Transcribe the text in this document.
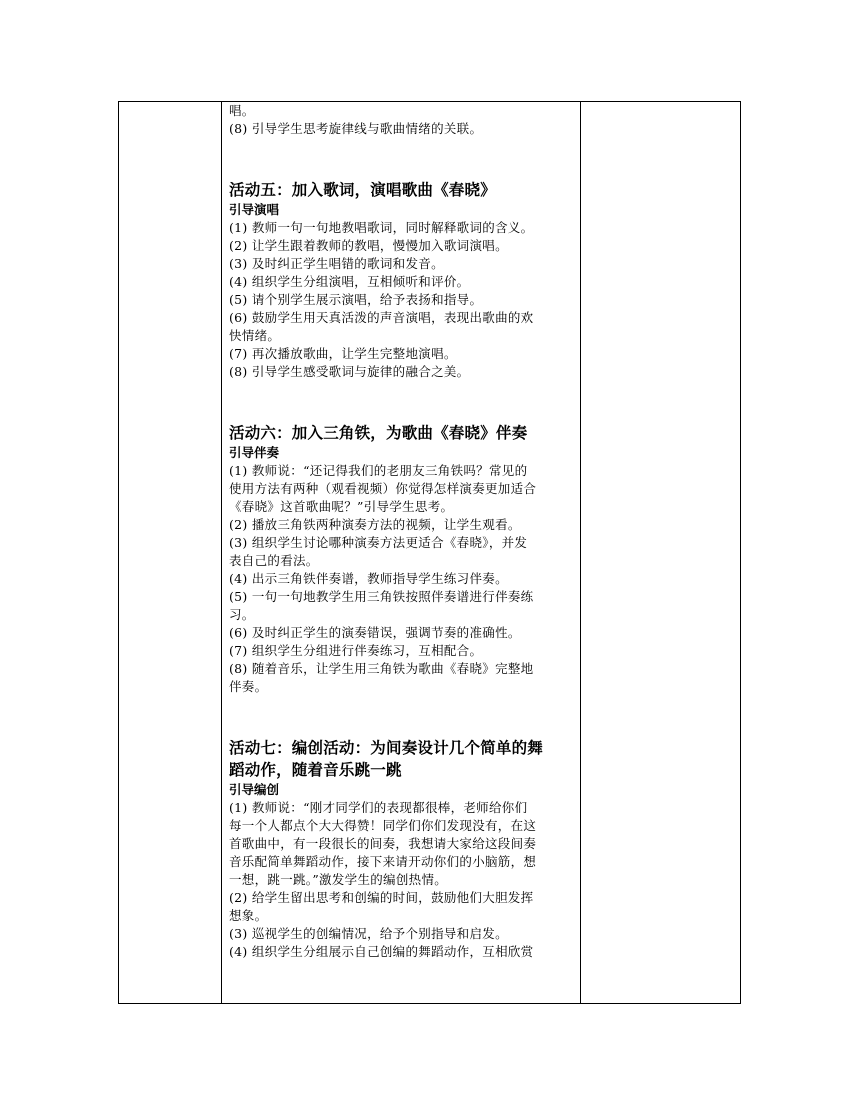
唱。
(8) 引导学生思考旋律线与歌曲情绪的关联。
活动五：加入歌词，演唱歌曲《春晓》
引导演唱
(1) 教师一句一句地教唱歌词，同时解释歌词的含义。
(2) 让学生跟着教师的教唱，慢慢加入歌词演唱。
(3) 及时纠正学生唱错的歌词和发音。
(4) 组织学生分组演唱，互相倾听和评价。
(5) 请个别学生展示演唱，给予表扬和指导。
(6) 鼓励学生用天真活泼的声音演唱，表现出歌曲的欢
快情绪。
(7) 再次播放歌曲，让学生完整地演唱。
(8) 引导学生感受歌词与旋律的融合之美。
活动六：加入三角铁，为歌曲《春晓》伴奏
引导伴奏
(1) 教师说：“还记得我们的老朋友三角铁吗？常见的
使用方法有两种（观看视频）你觉得怎样演奏更加适合
《春晓》这首歌曲呢？”引导学生思考。
(2) 播放三角铁两种演奏方法的视频，让学生观看。
(3) 组织学生讨论哪种演奏方法更适合《春晓》，并发
表自己的看法。
(4) 出示三角铁伴奏谱，教师指导学生练习伴奏。
(5) 一句一句地教学生用三角铁按照伴奏谱进行伴奏练
习。
(6) 及时纠正学生的演奏错误，强调节奏的准确性。
(7) 组织学生分组进行伴奏练习，互相配合。
(8) 随着音乐，让学生用三角铁为歌曲《春晓》完整地
伴奏。
活动七：编创活动：为间奏设计几个简单的舞
蹈动作，随着音乐跳一跳
引导编创
(1) 教师说：“刚才同学们的表现都很棒，老师给你们
每一个人都点个大大得赞！同学们你们发现没有，在这
首歌曲中，有一段很长的间奏，我想请大家给这段间奏
音乐配简单舞蹈动作，接下来请开动你们的小脑筋，想
一想，跳一跳。”激发学生的编创热情。
(2) 给学生留出思考和创编的时间，鼓励他们大胆发挥
想象。
(3) 巡视学生的创编情况，给予个别指导和启发。
(4) 组织学生分组展示自己创编的舞蹈动作，互相欣赏
